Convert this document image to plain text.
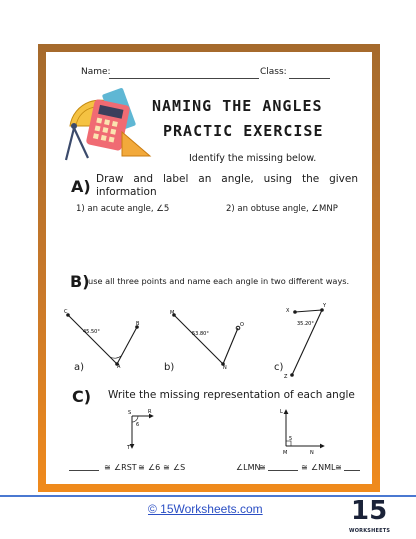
Name:	Class:
NAMING THE ANGLES
PRACTIC EXERCISE
Identify the missing below.
A) Draw and label an angle, using the given information
1) an acute angle, ∠5	2) an obtuse angle, ∠MNP
B)
use all three points and name each angle in two different ways.
C
A
B
45.50°
M
N
O
53.80°
X
Y
Z
35.20°
a)	b)	c)
C) Write the missing representation of each angle
S	R
T
6
L
M	N
5
≅ ∠RST ≅ ∠6 ≅ ∠S	∠LMN
≅	≅ ∠NML ≅
© 15Worksheets.com	15
WORKSHEETS
